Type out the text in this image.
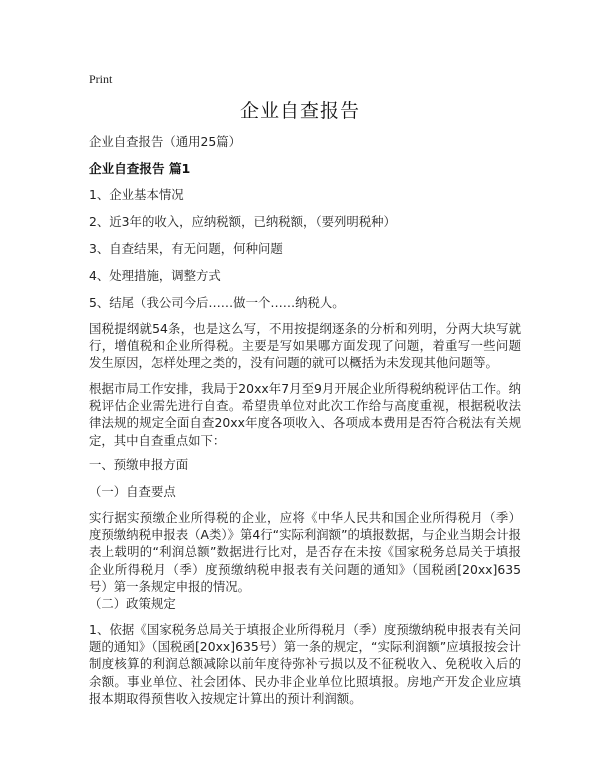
Print
企业自查报告
企业自查报告（通用25篇）
企业自查报告 篇1
1、企业基本情况
2、近3年的收入，应纳税额，已纳税额，（要列明税种）
3、自查结果，有无问题，何种问题
4、处理措施，调整方式
5、结尾（我公司今后……做一个……纳税人。
国税提纲就54条，也是这么写，不用按提纲逐条的分析和列明，分两大块写就行，增值税和企业所得税。主要是写如果哪方面发现了问题，着重写一些问题发生原因，怎样处理之类的，没有问题的就可以概括为未发现其他问题等。
根据市局工作安排，我局于20xx年7月至9月开展企业所得税纳税评估工作。纳税评估企业需先进行自查。希望贵单位对此次工作给与高度重视，根据税收法律法规的规定全面自查20xx年度各项收入、各项成本费用是否符合税法有关规定，其中自查重点如下：
一、预缴申报方面
（一）自查要点
实行据实预缴企业所得税的企业，应将《中华人民共和国企业所得税月（季）度预缴纳税申报表（A类）》第4行“实际利润额”的填报数据，与企业当期会计报表上载明的“利润总额”数据进行比对，是否存在未按《国家税务总局关于填报企业所得税月（季）度预缴纳税申报表有关问题的通知》（国税函[20xx]635号）第一条规定申报的情况。
（二）政策规定
1、依据《国家税务总局关于填报企业所得税月（季）度预缴纳税申报表有关问题的通知》（国税函[20xx]635号）第一条的规定，“实际利润额”应填报按会计制度核算的利润总额减除以前年度待弥补亏损以及不征税收入、免税收入后的余额。事业单位、社会团体、民办非企业单位比照填报。房地产开发企业应填报本期取得预售收入按规定计算出的预计利润额。
